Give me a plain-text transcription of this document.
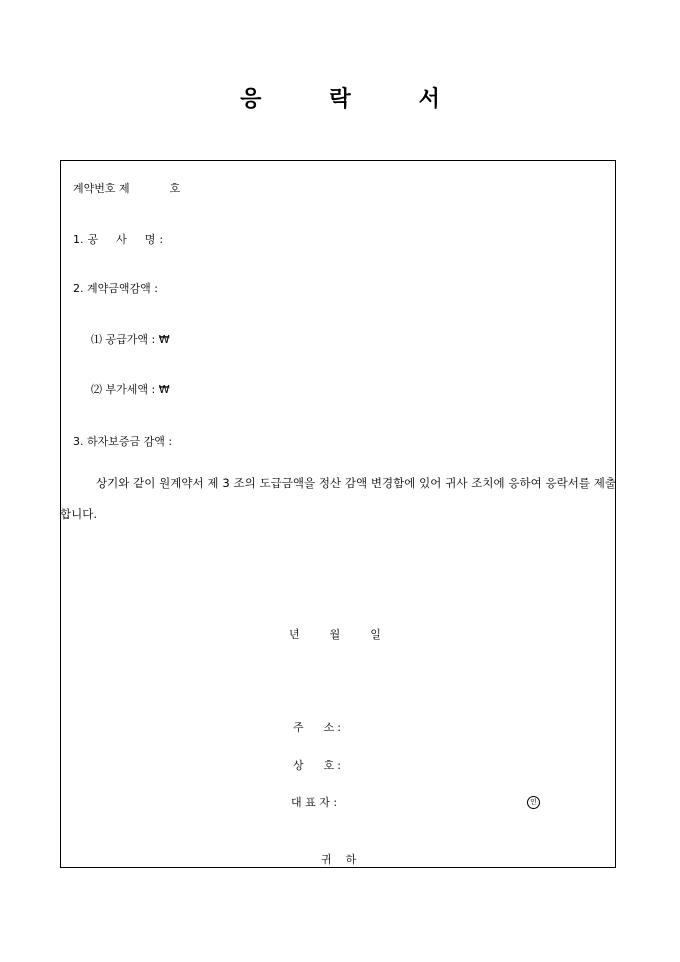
응	락	서
계약번호 제	호
1. 공 사 명 :
2. 계약금액감액 :
⑴ 공급가액 : ₩
⑵ 부가세액 : ₩
3. 하자보증금 감액 :
상기와 같이 원계약서 제 3 조의 도급금액을 정산 감액 변경함에 있어 귀사 조치에 응하여 응락서를 제출합니다.
년	월	일
주 소 :
상 호 :
대 표 자 :	인
귀 하
